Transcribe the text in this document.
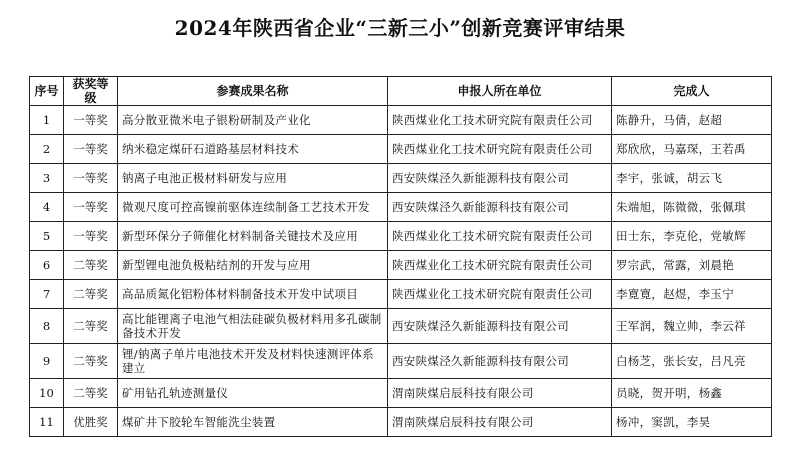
2024年陕西省企业“三新三小”创新竞赛评审结果
序号	获奖等级	参赛成果名称	申报人所在单位	完成人
1	一等奖	高分散亚微米电子银粉研制及产业化	陕西煤业化工技术研究院有限责任公司	陈静升，马倩，赵超
2	一等奖	纳米稳定煤矸石道路基层材料技术	陕西煤业化工技术研究院有限责任公司	郑欣欣，马嘉琛，王若禹
3	一等奖	钠离子电池正极材料研发与应用	西安陕煤泾久新能源科技有限公司	李宇，张诚，胡云飞
4	一等奖	微观尺度可控高镍前驱体连续制备工艺技术开发	西安陕煤泾久新能源科技有限公司	朱端旭，陈微微，张佩琪
5	一等奖	新型环保分子筛催化材料制备关键技术及应用	陕西煤业化工技术研究院有限责任公司	田士东，李克伦，党敏辉
6	二等奖	新型锂电池负极粘结剂的开发与应用	陕西煤业化工技术研究院有限责任公司	罗宗武，常露，刘晨艳
7	二等奖	高品质氮化铝粉体材料制备技术开发中试项目	陕西煤业化工技术研究院有限责任公司	李寛寛，赵煜，李玉宁
8	二等奖	高比能锂离子电池气相法硅碳负极材料用多孔碳制备技术开发	西安陕煤泾久新能源科技有限公司	王军润，魏立帅，李云祥
9	二等奖	锂/钠离子单片电池技术开发及材料快速测评体系建立	西安陕煤泾久新能源科技有限公司	白杨芝，张长安，吕凡亮
10	二等奖	矿用钻孔轨迹测量仪	渭南陕煤启辰科技有限公司	员晓，贺开明，杨鑫
11	优胜奖	煤矿井下胶轮车智能洗尘装置	渭南陕煤启辰科技有限公司	杨冲，窦凯，李昊
